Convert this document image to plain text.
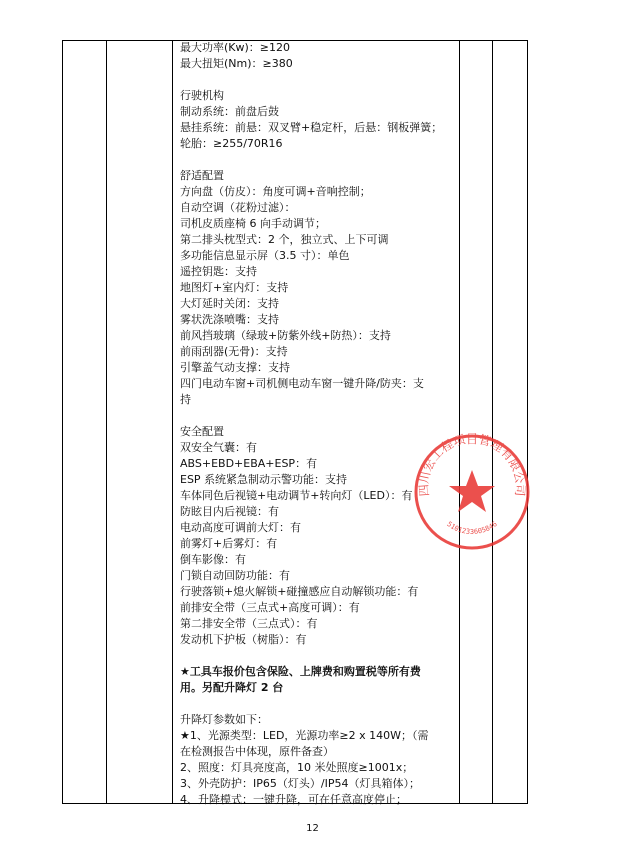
最大功率(Kw)：≥120
最大扭矩(Nm)：≥380
行驶机构
制动系统：前盘后鼓
悬挂系统：前悬：双叉臂+稳定杆，后悬：钢板弹簧；
轮胎：≥255/70R16
舒适配置
方向盘（仿皮）：角度可调+音响控制；
自动空调（花粉过滤）：
司机皮质座椅 6 向手动调节；
第二排头枕型式：2 个，独立式、上下可调
多功能信息显示屏（3.5 寸）：单色
遥控钥匙：支持
地图灯+室内灯：支持
大灯延时关闭：支持
雾状洗涤喷嘴：支持
前风挡玻璃（绿玻+防紫外线+防热）：支持
前雨刮器(无骨)：支持
引擎盖气动支撑：支持
四门电动车窗+司机侧电动车窗一键升降/防夹：支
持
安全配置
双安全气囊：有
ABS+EBD+EBA+ESP：有
ESP 系统紧急制动示警功能：支持
车体同色后视镜+电动调节+转向灯（LED）：有
防眩目内后视镜：有
电动高度可调前大灯：有
前雾灯+后雾灯：有
倒车影像：有
门锁自动回防功能：有
行驶落锁+熄火解锁+碰撞感应自动解锁功能：有
前排安全带（三点式+高度可调）：有
第二排安全带（三点式）：有
发动机下护板（树脂）：有
★工具车报价包含保险、上牌费和购置税等所有费
用。另配升降灯 2 台
升降灯参数如下：
★1、光源类型：LED，光源功率≥2 x 140W；（需
在检测报告中体现，原件备查）
2、照度：灯具亮度高，10 米处照度≥1001x；
3、外壳防护：IP65（灯头）/IP54（灯具箱体）；
4、升降模式：一键升降，可在任意高度停止；
12
四川宏工程项目管理有限公司
5101233605846
